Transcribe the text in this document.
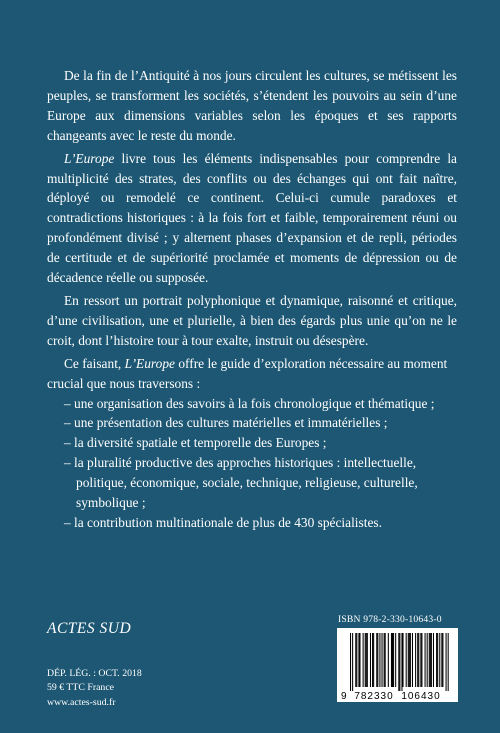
De la fin de l’Antiquité à nos jours circulent les cultures, se métissent les peuples, se transforment les sociétés, s’étendent les pouvoirs au sein d’une Europe aux dimensions variables selon les époques et ses rapports changeants avec le reste du monde.

L’Europe livre tous les éléments indispensables pour comprendre la multiplicité des strates, des conflits ou des échanges qui ont fait naître, déployé ou remodelé ce continent. Celui-ci cumule paradoxes et contradictions historiques : à la fois fort et faible, temporairement réuni ou profondément divisé ; y alternent phases d’expansion et de repli, périodes de certitude et de supériorité proclamée et moments de dépression ou de décadence réelle ou supposée.

En ressort un portrait polyphonique et dynamique, raisonné et critique, d’une civilisation, une et plurielle, à bien des égards plus unie qu’on ne le croit, dont l’histoire tour à tour exalte, instruit ou désespère.

Ce faisant, L’Europe offre le guide d’exploration nécessaire au moment crucial que nous traversons :

– une organisation des savoirs à la fois chronologique et thématique ;
– une présentation des cultures matérielles et immatérielles ;
– la diversité spatiale et temporelle des Europes ;
– la pluralité productive des approches historiques : intellectuelle, politique, économique, sociale, technique, religieuse, culturelle, symbolique ;
– la contribution multinationale de plus de 430 spécialistes.
ACTES SUD
ISBN 978-2-330-10643-0
DÉP. LÉG. : OCT. 2018
59 € TTC France
www.actes-sud.fr
9 782330 106430
